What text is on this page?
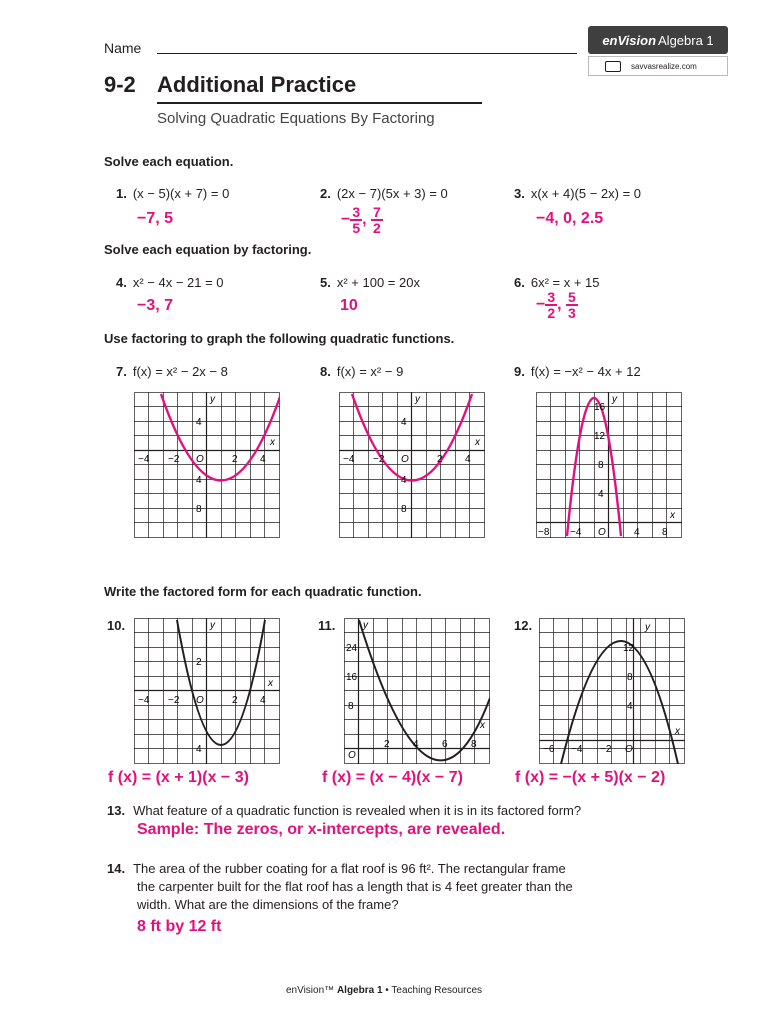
Name	enVision Algebra 1
savvasrealize.com
9-2 Additional Practice
Solving Quadratic Equations By Factoring
Solve each equation.
1. (x − 5)(x + 7) = 0
−7, 5
2. (2x − 7)(5x + 3) = 0
− $\frac{3}{5}$ , $\frac{7}{2}$
3. x(x + 4)(5 − 2x) = 0
−4, 0, 2.5
Solve each equation by factoring.
4. x² − 4x − 21 = 0
−3, 7
5. x² + 100 = 20x
10
6. 6x² = x + 15
− $\frac{3}{2}$ , $\frac{5}{3}$
Use factoring to graph the following quadratic functions.
7. f(x) = x² − 2x − 8	8. f(x) = x² − 9	9. f(x) = −x² − 4x + 12
−4 −2 O	2 4
4
4
8
x
y
−4 −2 O	2 4
4
4
8
x
y
−8 −4 O	4 8
16
12
8
4
x
y
Write the factored form for each quadratic function.
10.	11.	12.
−4 −2 O	2 4
2
4
x
y
O
2 4 6 8
24
16
8
x
y
−6 −4 −2 O
12
8
4
x
y
f (x) = (x + 1)(x − 3)	f (x) = (x − 4)(x − 7)	f (x) = −(x + 5)(x − 2)
13. What feature of a quadratic function is revealed when it is in its factored form?
Sample: The zeros, or x-intercepts, are revealed.
14. The area of the rubber coating for a flat roof is 96 ft². The rectangular frame
the carpenter built for the flat roof has a length that is 4 feet greater than the
width. What are the dimensions of the frame?
8 ft by 12 ft
enVision™ Algebra 1 • Teaching Resources
